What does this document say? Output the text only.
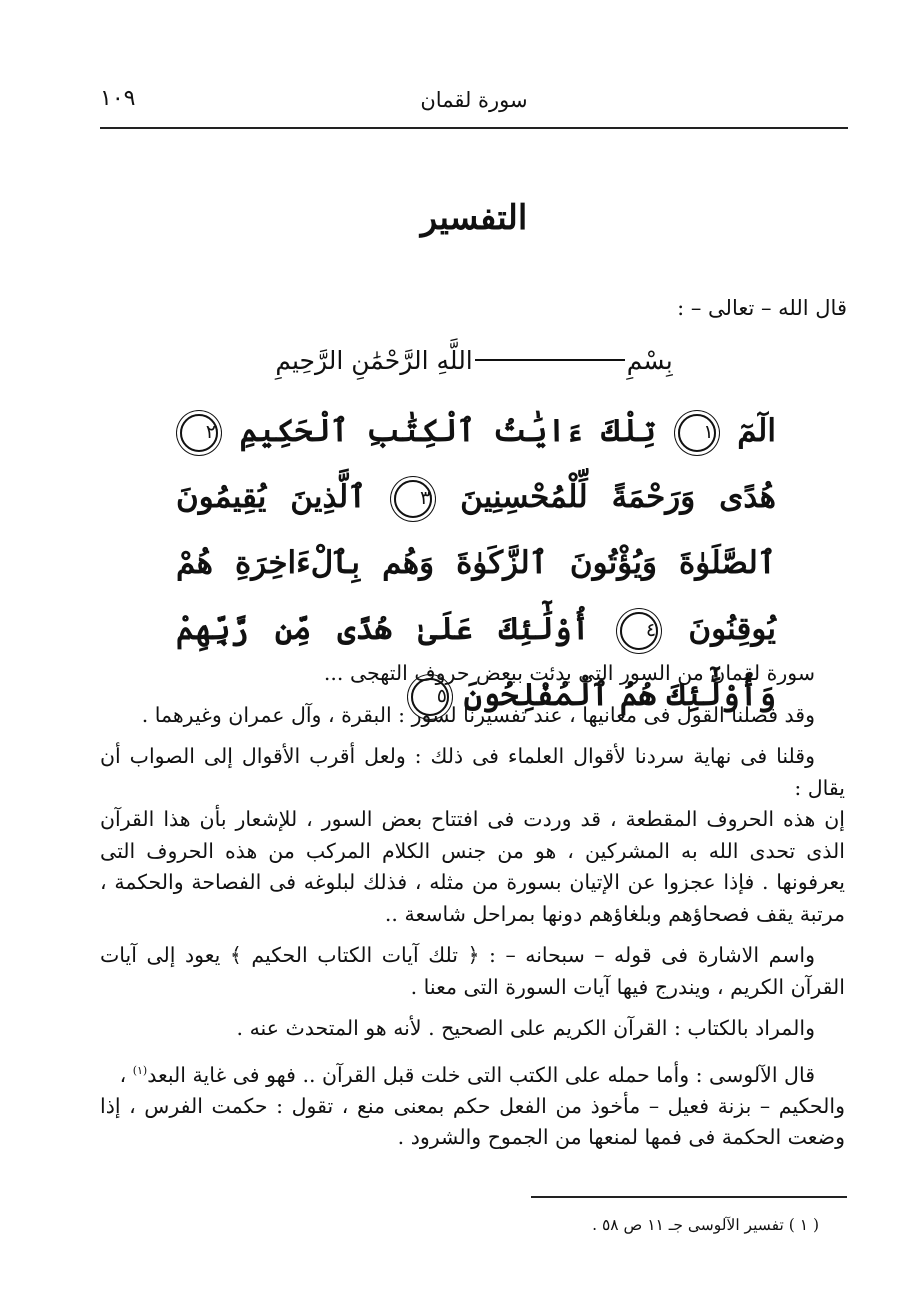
سورة لقمان
١٠٩
التفسير
قال الله – تعالى – :
بِسْمِاللَّهِ الرَّحْمَٰنِ الرَّحِيمِ
الٓمٓ ١ تِلْكَ ءَايَٰتُ ٱلْكِتَٰبِ ٱلْحَكِيمِ ٢ هُدًى وَرَحْمَةً لِّلْمُحْسِنِينَ ٣ ٱلَّذِينَ يُقِيمُونَ ٱلصَّلَوٰةَ وَيُؤْتُونَ ٱلزَّكَوٰةَ وَهُم بِٱلْءَاخِرَةِ هُمْ يُوقِنُونَ ٤ أُوْلَٰٓئِكَ عَلَىٰ هُدًى مِّن رَّبِّهِمْ وَأُوْلَٰٓئِكَ هُمُ ٱلْمُفْلِحُونَ ٥

سورة لقمان من السور التى بدئت ببعض حروف التهجى ...

وقد فصلنا القول فى معانيها ، عند تفسيرنا لسور : البقرة ، وآل عمران وغيرهما .

وقلنا فى نهاية سردنا لأقوال العلماء فى ذلك : ولعل أقرب الأقوال إلى الصواب أن يقال :

إن هذه الحروف المقطعة ، قد وردت فى افتتاح بعض السور ، للإشعار بأن هذا القرآن الذى تحدى الله به المشركين ، هو من جنس الكلام المركب من هذه الحروف التى يعرفونها . فإذا عجزوا عن الإتيان بسورة من مثله ، فذلك لبلوغه فى الفصاحة والحكمة ، مرتبة يقف فصحاؤهم وبلغاؤهم دونها بمراحل شاسعة ..

واسم الاشارة فى قوله – سبحانه – : ﴿ تلك آيات الكتاب الحكيم ﴾ يعود إلى آيات القرآن الكريم ، ويندرج فيها آيات السورة التى معنا .

والمراد بالكتاب : القرآن الكريم على الصحيح . لأنه هو المتحدث عنه .

قال الآلوسى : وأما حمله على الكتب التى خلت قبل القرآن .. فهو فى غاية البعد$^{(١)}$ ،

والحكيم – بزنة فعيل – مأخوذ من الفعل حكم بمعنى منع ، تقول : حكمت الفرس ، إذا وضعت الحكمة فى فمها لمنعها من الجموح والشرود .

( ١ ) تفسير الآلوسى جـ ١١ ص ٥٨ .
